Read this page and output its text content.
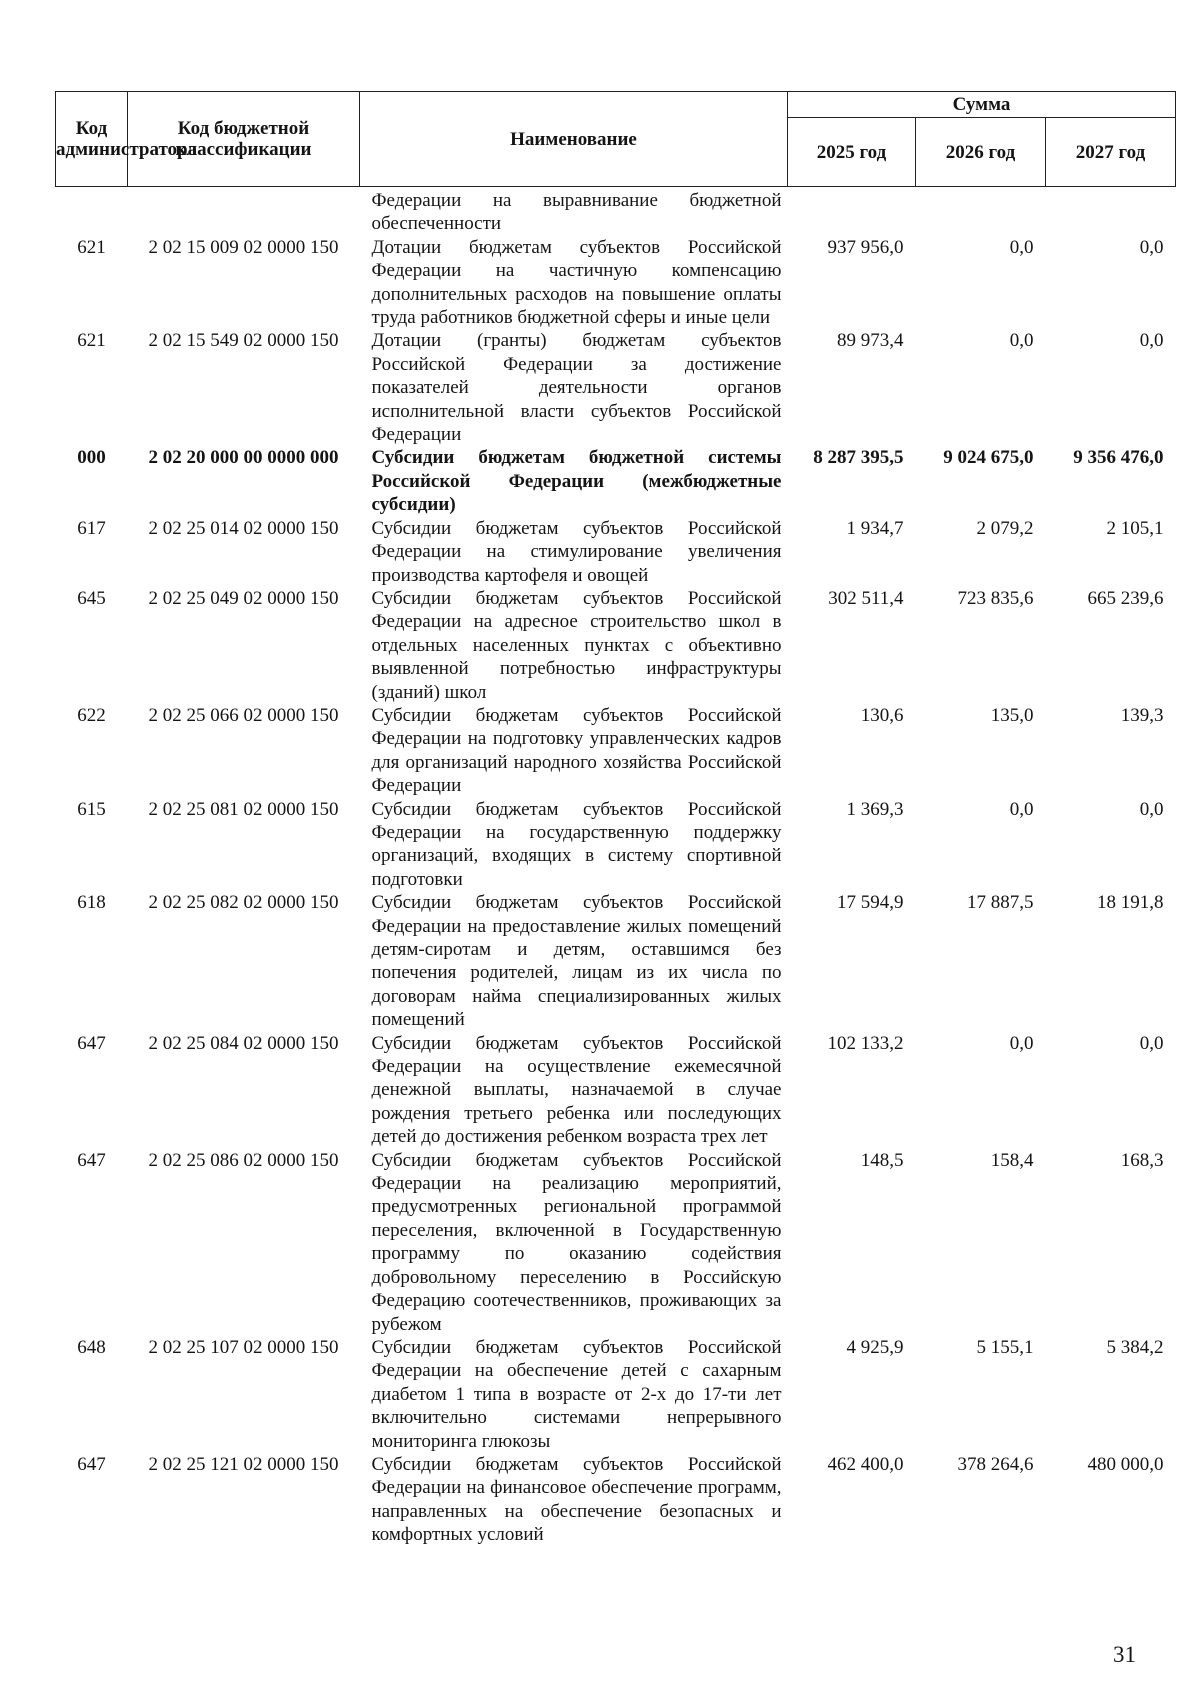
Код администратора	Код бюджетной классификации	Наименование	Сумма		
			2025 год	2026 год	2027 год
		Федерации на выравнивание бюджетной обеспеченности			
621	2 02 15 009 02 0000 150	Дотации бюджетам субъектов Российской Федерации на частичную компенсацию дополнительных расходов на повышение оплаты труда работников бюджетной сферы и иные цели	937 956,0	0,0	0,0
621	2 02 15 549 02 0000 150	Дотации (гранты) бюджетам субъектов Российской Федерации за достижение показателей деятельности органов исполнительной власти субъектов Российской Федерации	89 973,4	0,0	0,0
000	2 02 20 000 00 0000 000	Субсидии бюджетам бюджетной системы Российской Федерации (межбюджетные субсидии)	8 287 395,5	9 024 675,0	9 356 476,0
617	2 02 25 014 02 0000 150	Субсидии бюджетам субъектов Российской Федерации на стимулирование увеличения производства картофеля и овощей	1 934,7	2 079,2	2 105,1
645	2 02 25 049 02 0000 150	Субсидии бюджетам субъектов Российской Федерации на адресное строительство школ в отдельных населенных пунктах с объективно выявленной потребностью инфраструктуры (зданий) школ	302 511,4	723 835,6	665 239,6
622	2 02 25 066 02 0000 150	Субсидии бюджетам субъектов Российской Федерации на подготовку управленческих кадров для организаций народного хозяйства Российской Федерации	130,6	135,0	139,3
615	2 02 25 081 02 0000 150	Субсидии бюджетам субъектов Российской Федерации на государственную поддержку организаций, входящих в систему спортивной подготовки	1 369,3	0,0	0,0
618	2 02 25 082 02 0000 150	Субсидии бюджетам субъектов Российской Федерации на предоставление жилых помещений детям-сиротам и детям, оставшимся без попечения родителей, лицам из их числа по договорам найма специализированных жилых помещений	17 594,9	17 887,5	18 191,8
647	2 02 25 084 02 0000 150	Субсидии бюджетам субъектов Российской Федерации на осуществление ежемесячной денежной выплаты, назначаемой в случае рождения третьего ребенка или последующих детей до достижения ребенком возраста трех лет	102 133,2	0,0	0,0
647	2 02 25 086 02 0000 150	Субсидии бюджетам субъектов Российской Федерации на реализацию мероприятий, предусмотренных региональной программой переселения, включенной в Государственную программу по оказанию содействия добровольному переселению в Российскую Федерацию соотечественников, проживающих за рубежом	148,5	158,4	168,3
648	2 02 25 107 02 0000 150	Субсидии бюджетам субъектов Российской Федерации на обеспечение детей с сахарным диабетом 1 типа в возрасте от 2-х до 17-ти лет включительно системами непрерывного мониторинга глюкозы	4 925,9	5 155,1	5 384,2
647	2 02 25 121 02 0000 150	Субсидии бюджетам субъектов Российской Федерации на финансовое обеспечение программ, направленных на обеспечение безопасных и комфортных условий	462 400,0	378 264,6	480 000,0
31
